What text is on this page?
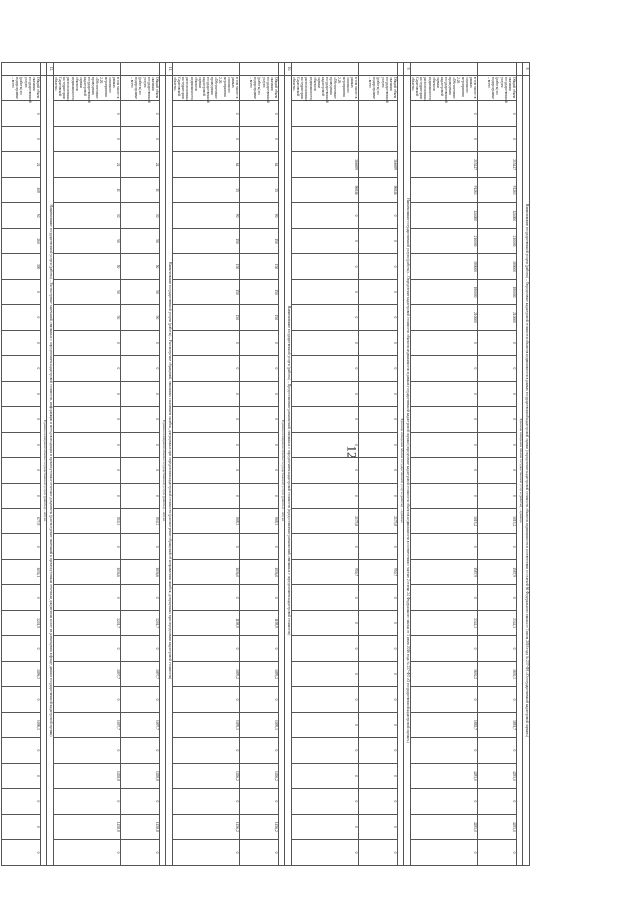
12
8.	Наименование государственной услуги (работы) – Определение кадастровой стоимости объектов недвижимости в рамках государственной кадастровой оценки (определение кадастровой стоимости объектов недвижимости в соответствии со статьей 66 Федерального закона от 3 июля 2016 года № 237-ФЗ «О государственной кадастровой оценке»)																														
	Единица измерения объема государственной услуги (работы) – единица																														
	Общий объем оказания государственной услуги (работы) по подпрограмме – всего	0	0	215427	91263	124000	210000	180000	180000	210000	0	0	0	0	0	0	0	3015,2	0	1587,9	0	2344,3	0	1630,3	0	3881,7	0	4293,0	0	4293,0	0
	в том числе: в рамках основного мероприятия 2.26 «Обеспечение проведения государственной кадастровой оценки объектов недвижимости, расположенных на территории Саратовской области»	0	0	215427	91263	124000	210000	180000	180000	210000	0	0	0	0	0	0	0	3015,2	0	1587,9	0	2344,3	0	1630,2	0	1882,7	0	4283,0	0	4283,0	0
9.	Наименование государственной услуги (работы) – Определение кадастровой стоимости объектов недвижимости в рамках государственной кадастровой оценки (определение кадастровой стоимости объектов недвижимости в соответствии с частью 2 статьи 24 Федерального закона от 3 июля 2016 года № 237-ФЗ «О государственной кадастровой оценке»)																														
	Единица измерения объема государственной услуги (работы) – единица																														
	Общий объем оказания государственной услуги (работы) по подпрограмме – всего			366699	96846	0	0	0	0	0	0	0	0	0	0	0	0	2175,8	0	950,7	0	0	0	0	0	0	0	0	0	0	0
	в том числе: в рамках основного мероприятия 2.26 «Обеспечение проведения государственной кадастровой оценки объектов недвижимости, расположенных на территории Саратовской области»			366699	96846	0	0	0	0	0	0	0	0	0	0	0	0	2175,8	0	950,7	0	0	0	0	0	0	0	0	0	0	0
10.	Наименование государственной услуги (работы) – Предоставление разъяснений, связанных с определением кадастровой стоимости (предоставление разъяснений, связанных с определением кадастровой стоимости)																														
	Единица измерения объема государственной услуги (работы) – штука																														
	Общий объем оказания государственной услуги (работы) по подпрограмме – всего	0	0	64	35	90	150	150	150	150	0	0	0	0	0	0	0	808,3	0	1036,0	0	1198,9	0	1095,2	0	1095,1	0	1456,2	0	1456,2	0
	в том числе: в рамках основного мероприятия 2.26 «Обеспечение проведения государственной кадастровой оценки объектов недвижимости, расположенных на территории Саратовской области»	0	0	64	35	90	150	150	150	150	0	0	0	0	0	0	0	808,3	0	1036,0	0	1198,9	0	1095,2	0	1095,1	0	1456,2	0	1456,2	0
11.	Наименование государственной услуги (работы) – Рассмотрение обращений, связанных с наличием ошибок, допущенных при определении кадастровой стоимости (рассмотрение обращений об исправлении ошибок, допущенных при определении кадастровой стоимости)																														
	Единица измерения объема государственной услуги (работы) – штука																														
	Общий объем оказания государственной услуги (работы) по подпрограмме – всего	0	0	24	11	30	50	50	50	50	0	0	0	0	0	0	0	810,3	0	1036,6	0	1201,7	0	1097,7	0	1097,7	0	1458,8	0	1458,8	0
	в том числе: в рамках основного мероприятия 2.26 «Обеспечение проведения государственной кадастровой оценки объектов недвижимости, расположенных на территории Саратовской области»	0	0	24	11	30	50	50	50	50	0	0	0	0	0	0	0	810,3	0	1036,6	0	1201,7	0	1097,7	0	1097,7	0	1458,8	0	1458,8	0
12.	Наименование государственной услуги (работы) – Рассмотрение замечаний, связанных с определением кадастровой стоимости, информации и методов входящих в промежуточные отчетные документы (рассмотрение замечаний к промежуточным отчетным документам после их размещения в фонде данных государственной кадастровой оценки)																														
	Единица измерения объема государственной услуги (работы) – штука																														
	Общий объем оказания государственной услуги (работы) по подпрограмме – всего	0	0	24	108	50	260	390	0	0	0	0	0	0	0	0	0	677,8	0	1036,1	0	1201,9	0	1096,3	0	1096,1	0	0	0	0	0
